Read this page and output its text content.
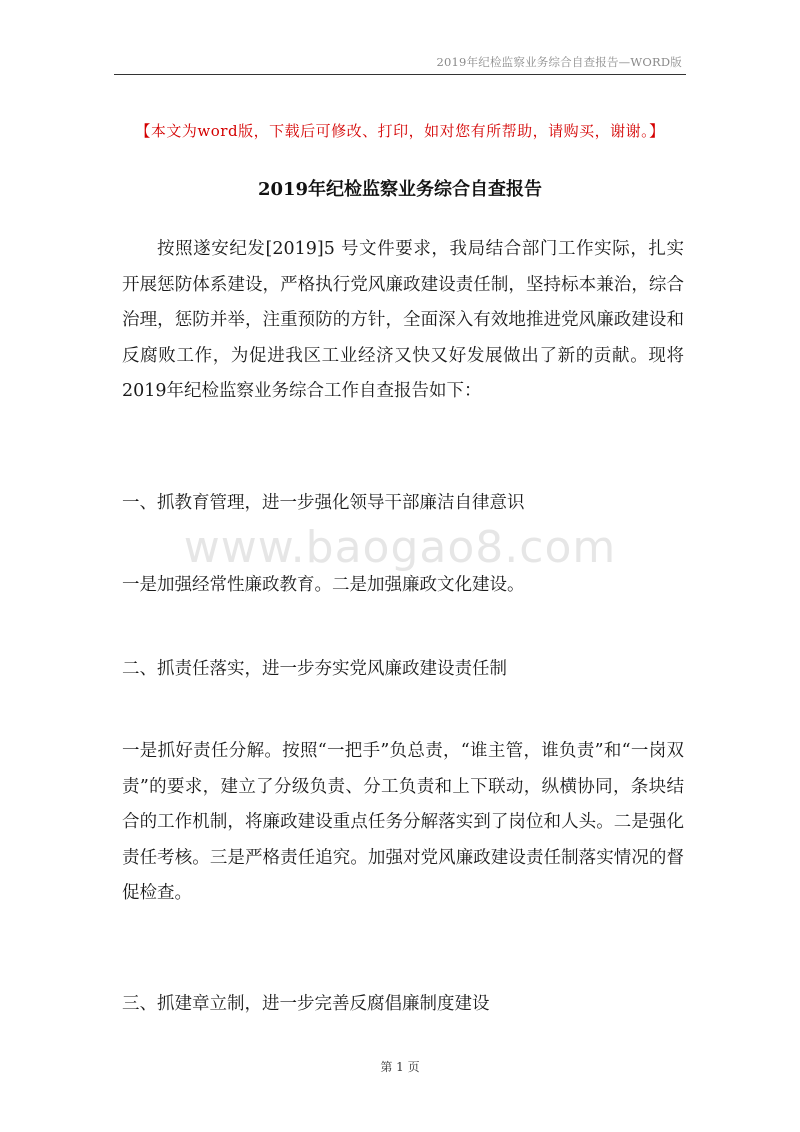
2019年纪检监察业务综合自查报告—WORD版
【本文为word版，下载后可修改、打印，如对您有所帮助，请购买，谢谢。】
2019年纪检监察业务综合自查报告

按照遂安纪发[2019]5 号文件要求，我局结合部门工作实际，扎实开展惩防体系建设，严格执行党风廉政建设责任制，坚持标本兼治，综合治理，惩防并举，注重预防的方针，全面深入有效地推进党风廉政建设和反腐败工作，为促进我区工业经济又快又好发展做出了新的贡献。现将2019年纪检监察业务综合工作自查报告如下：

一、抓教育管理，进一步强化领导干部廉洁自律意识

www.baogao8.com

一是加强经常性廉政教育。二是加强廉政文化建设。

二、抓责任落实，进一步夯实党风廉政建设责任制

一是抓好责任分解。按照“一把手”负总责，“谁主管，谁负责”和“一岗双责”的要求，建立了分级负责、分工负责和上下联动，纵横协同，条块结合的工作机制，将廉政建设重点任务分解落实到了岗位和人头。二是强化责任考核。三是严格责任追究。加强对党风廉政建设责任制落实情况的督促检查。

三、抓建章立制，进一步完善反腐倡廉制度建设

第 1 页
